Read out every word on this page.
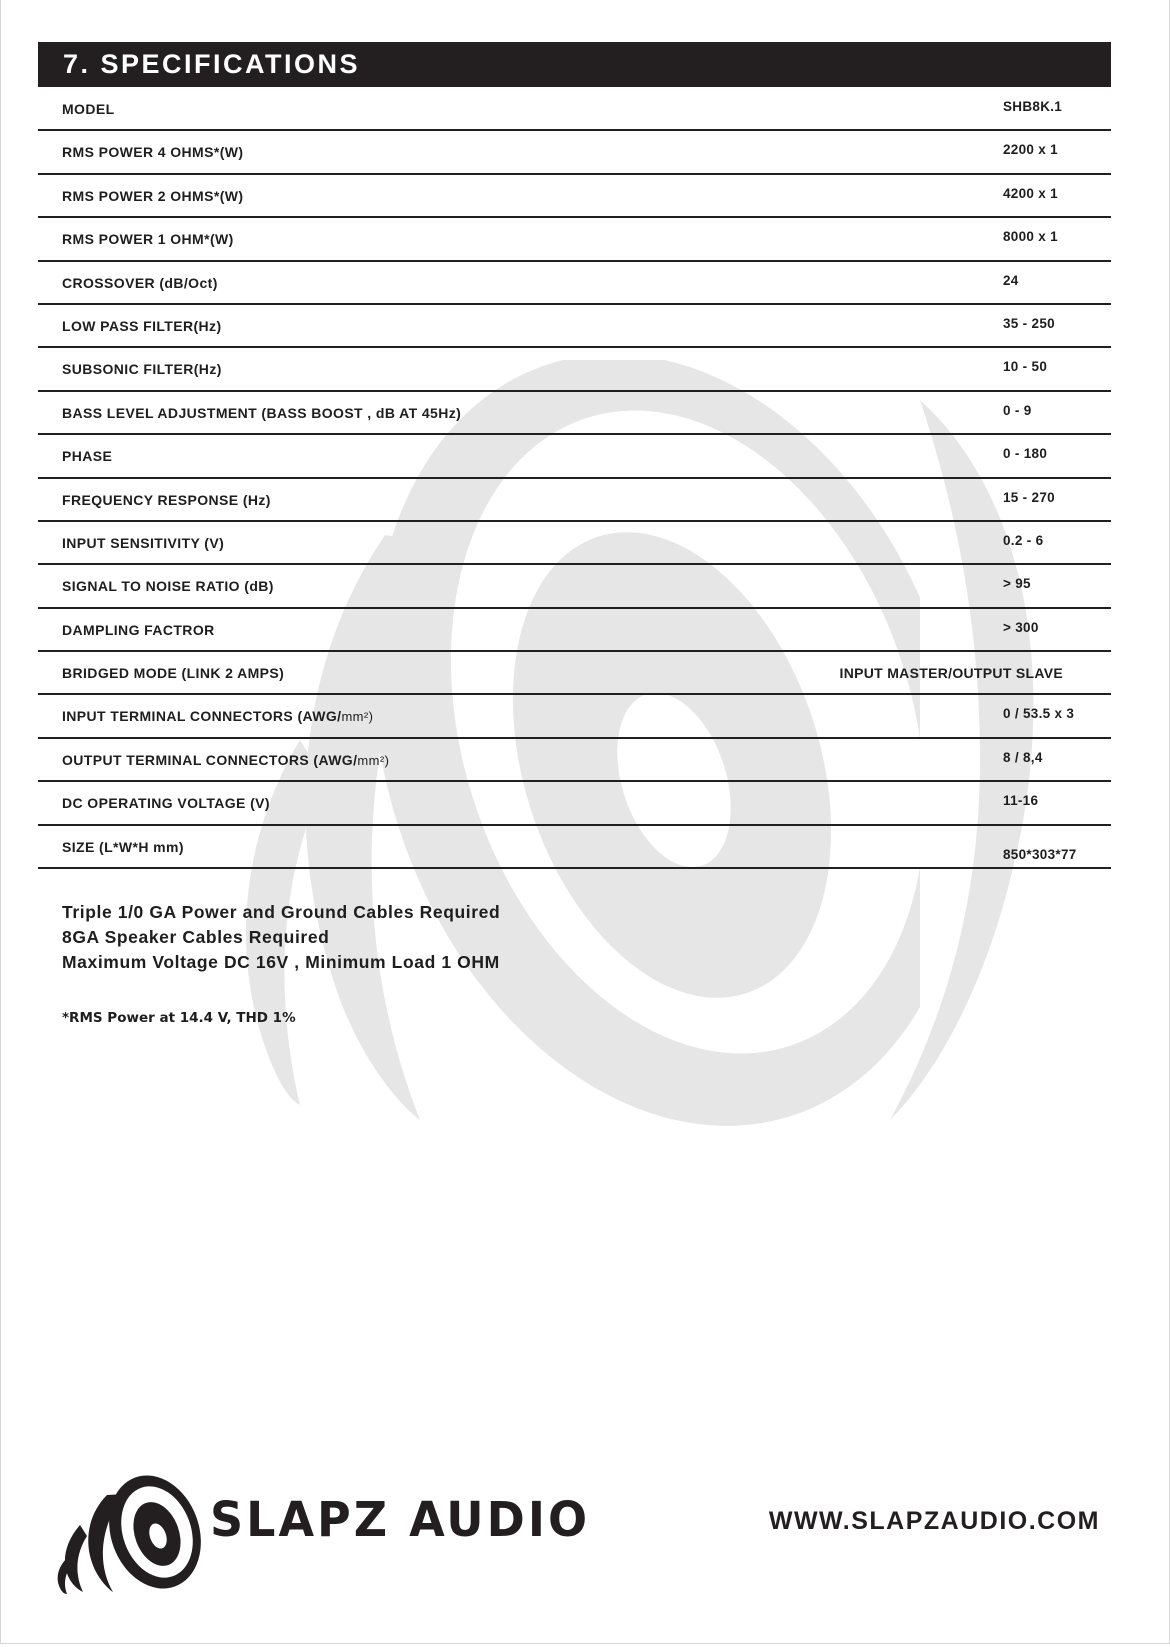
7. SPECIFICATIONS
MODEL	SHB8K.1
RMS POWER 4 OHMS*(W)	2200 x 1
RMS POWER 2 OHMS*(W)	4200 x 1
RMS POWER 1 OHM*(W)	8000 x 1
CROSSOVER (dB/Oct)	24
LOW PASS FILTER(Hz)	35 - 250
SUBSONIC FILTER(Hz)	10 - 50
BASS LEVEL ADJUSTMENT (BASS BOOST , dB AT 45Hz)	0 - 9
PHASE	0 - 180
FREQUENCY RESPONSE (Hz)	15 - 270
INPUT SENSITIVITY (V)	0.2 - 6
SIGNAL TO NOISE RATIO (dB)	> 95
DAMPLING FACTROR	> 300
BRIDGED MODE (LINK 2 AMPS)	INPUT MASTER/OUTPUT SLAVE
INPUT TERMINAL CONNECTORS (AWG/mm²)	0 / 53.5 x 3
OUTPUT TERMINAL CONNECTORS (AWG/mm²)	8 / 8,4
DC OPERATING VOLTAGE (V)	11-16
SIZE (L*W*H mm)	850*303*77
Triple 1/0 GA Power and Ground Cables Required
8GA Speaker Cables Required
Maximum Voltage DC 16V , Minimum Load 1 OHM
*RMS Power at 14.4 V, THD 1%
SLAPZ AUDIO	WWW.SLAPZAUDIO.COM
